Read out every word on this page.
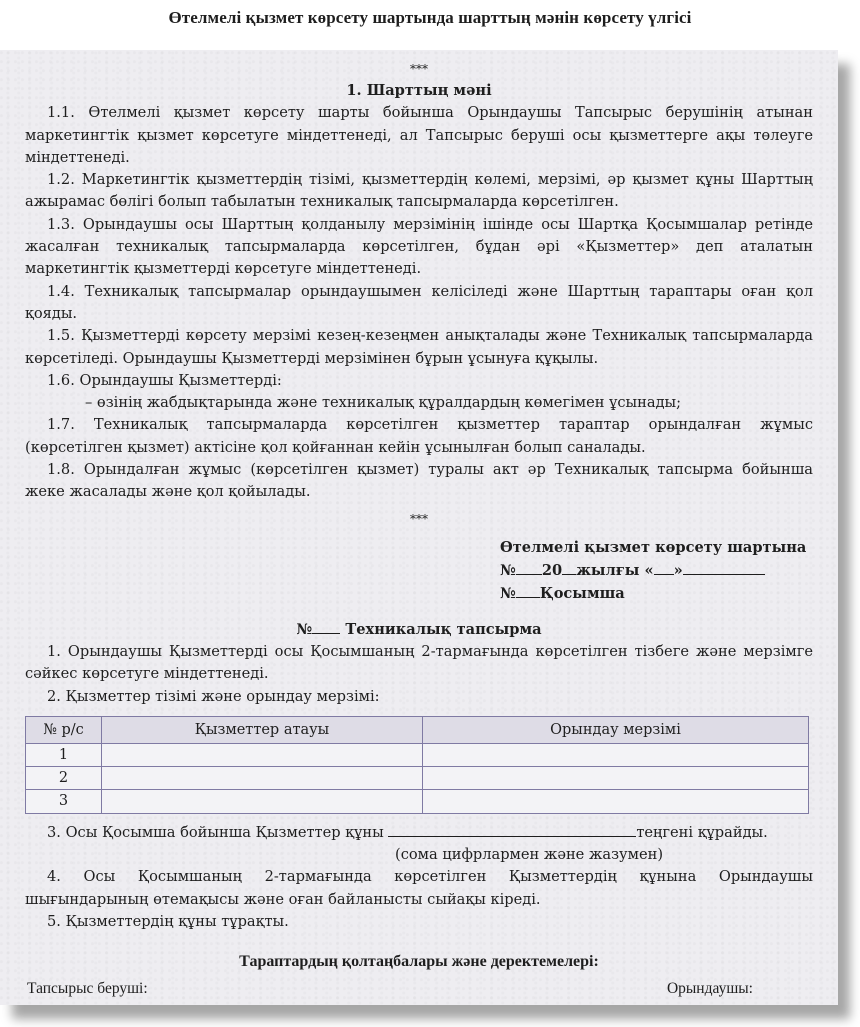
Өтелмелі қызмет көрсету шартында шарттың мәнін көрсету үлгісі
***
1. Шарттың мәні

1.1. Өтелмелі қызмет көрсету шарты бойынша Орындаушы Тапсырыс берушінің атынан маркетингтік қызмет көрсетуге міндеттенеді, ал Тапсырыс беруші осы қызметтерге ақы төлеуге міндеттенеді.

1.2. Маркетингтік қызметтердің тізімі, қызметтердің көлемі, мерзімі, әр қызмет құны Шарттың ажырамас бөлігі болып табылатын техникалық тапсырмаларда көрсетілген.

1.3. Орындаушы осы Шарттың қолданылу мерзімінің ішінде осы Шартқа Қосымшалар ретінде жасалған техникалық тапсырмаларда көрсетілген, бұдан әрі «Қызметтер» деп аталатын маркетингтік қызметтерді көрсетуге міндеттенеді.

1.4. Техникалық тапсырмалар орындаушымен келісіледі және Шарттың тараптары оған қол қояды.

1.5. Қызметтерді көрсету мерзімі кезең-кезеңмен анықталады және Техникалық тапсырмаларда көрсетіледі. Орындаушы Қызметтерді мерзімінен бұрын ұсынуға құқылы.

1.6. Орындаушы Қызметтерді:

– өзінің жабдықтарында және техникалық құралдардың көмегімен ұсынады;

1.7. Техникалық тапсырмаларда көрсетілген қызметтер тараптар орындалған жұмыс (көрсетілген қызмет) актісіне қол қойғаннан кейін ұсынылған болып саналады.

1.8. Орындалған жұмыс (көрсетілген қызмет) туралы акт әр Техникалық тапсырма бойынша жеке жасалады және қол қойылады.

***
Өтелмелі қызмет көрсету шартына
№ 20 жылғы « »
№ Қосымша
№ Техникалық тапсырма

1. Орындаушы Қызметтерді осы Қосымшаның 2-тармағында көрсетілген тізбеге және мерзімге сәйкес көрсетуге міндеттенеді.

2. Қызметтер тізімі және орындау мерзімі:

№ р/с	Қызметтер атауы	Орындау мерзімі
1		
2		
3		

3. Осы Қосымша бойынша Қызметтер құны	теңгені құрайды.

(сома цифрлармен және жазумен)

4. Осы Қосымшаның 2-тармағында көрсетілген Қызметтердің құнына Орындаушы шығындарының өтемақысы және оған байланысты сыйақы кіреді.

5. Қызметтердің құны тұрақты.

Тараптардың қолтаңбалары және деректемелері:
Тапсырыс беруші:	Орындаушы:
